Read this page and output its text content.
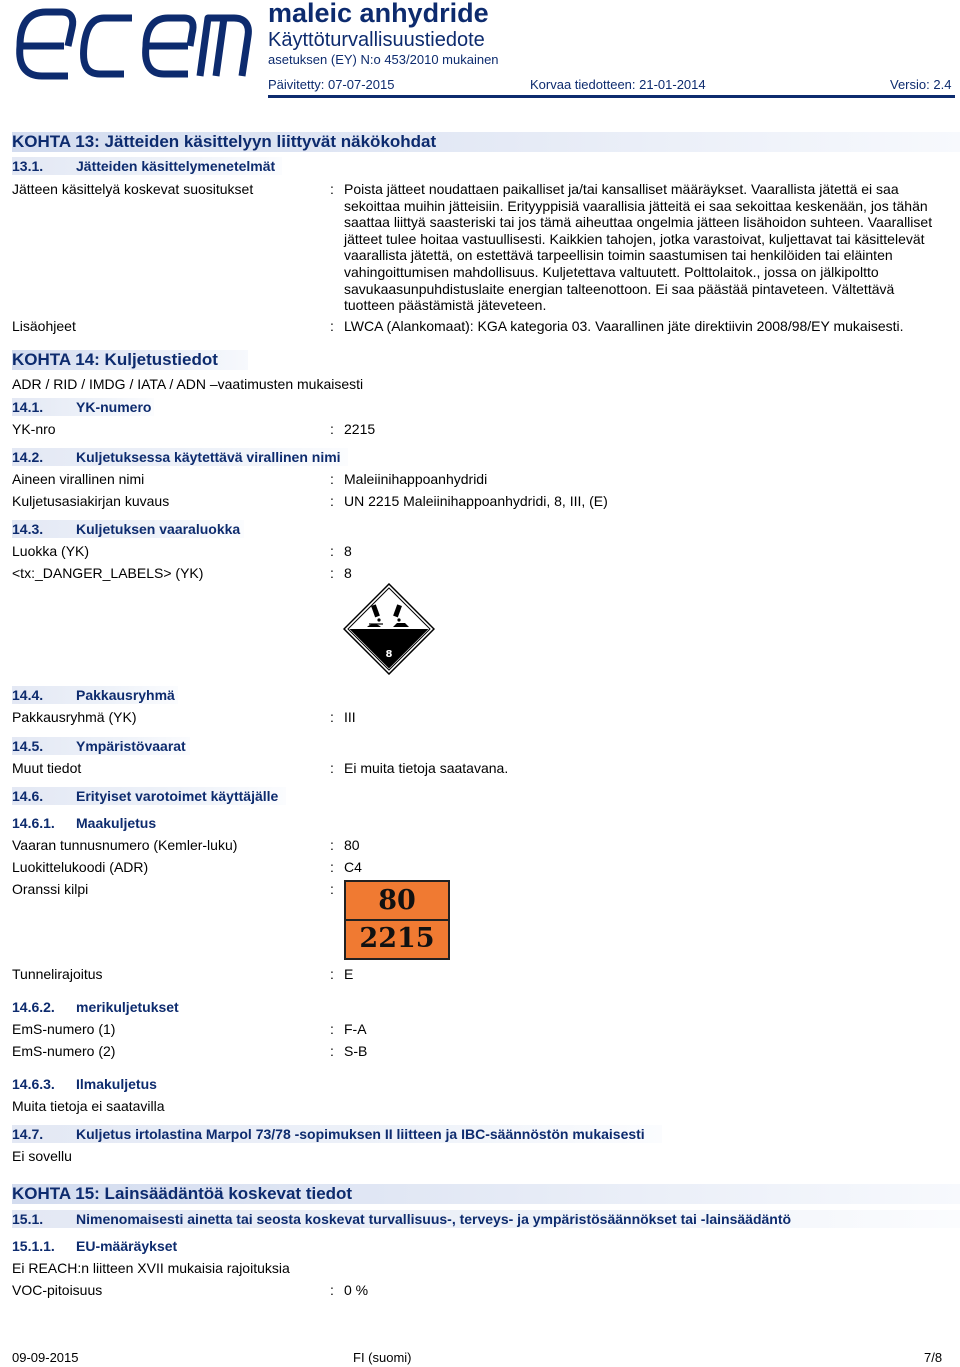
maleic anhydride
Käyttöturvallisuustiedote
asetuksen (EY) N:o 453/2010 mukainen
Päivitetty: 07-07-2015	Korvaa tiedotteen: 21-01-2014	Versio: 2.4
KOHTA 13: Jätteiden käsittelyyn liittyvät näkökohdat
13.1. Jätteiden käsittelymenetelmät
Jätteen käsittelyä koskevat suositukset	: Poista jätteet noudattaen paikalliset ja/tai kansalliset määräykset. Vaarallista jätettä ei saa sekoittaa muihin jätteisiin. Erityyppisiä vaarallisia jätteitä ei saa sekoittaa keskenään, jos tähän saattaa liittyä saasteriski tai jos tämä aiheuttaa ongelmia jätteen lisähoidon suhteen. Vaaralliset jätteet tulee hoitaa vastuullisesti. Kaikkien tahojen, jotka varastoivat, kuljettavat tai käsittelevät vaarallista jätettä, on estettävä tarpeellisin toimin saastumisen tai henkilöiden tai eläinten vahingoittumisen mahdollisuus. Kuljetettava valtuutett. Polttolaitok., jossa on jälkipoltto savukaasunpuhdistuslaite energian talteenottoon. Ei saa päästää pintaveteen. Vältettävä tuotteen päästämistä jäteveteen.
Lisäohjeet	: LWCA (Alankomaat): KGA kategoria 03. Vaarallinen jäte direktiivin 2008/98/EY mukaisesti.
KOHTA 14: Kuljetustiedot
ADR / RID / IMDG / IATA / ADN –vaatimusten mukaisesti
14.1. YK-numero
YK-nro	: 2215
14.2. Kuljetuksessa käytettävä virallinen nimi
Aineen virallinen nimi	: Maleiinihappoanhydridi
Kuljetusasiakirjan kuvaus	: UN 2215 Maleiinihappoanhydridi, 8, III, (E)
14.3. Kuljetuksen vaaraluokka
Luokka (YK)	: 8
<tx:_DANGER_LABELS> (YK)	: 8
8
14.4. Pakkausryhmä
Pakkausryhmä (YK)	: III
14.5. Ympäristövaarat
Muut tiedot	: Ei muita tietoja saatavana.
14.6. Erityiset varotoimet käyttäjälle
14.6.1. Maakuljetus
Vaaran tunnusnumero (Kemler-luku)	: 80
Luokittelukoodi (ADR)	: C4
Oranssi kilpi	:	80
2215
Tunnelirajoitus	: E
14.6.2. merikuljetukset
EmS-numero (1)	: F-A
EmS-numero (2)	: S-B
14.6.3. Ilmakuljetus
Muita tietoja ei saatavilla
14.7. Kuljetus irtolastina Marpol 73/78 -sopimuksen II liitteen ja IBC-säännöstön mukaisesti
Ei sovellu
KOHTA 15: Lainsäädäntöä koskevat tiedot
15.1. Nimenomaisesti ainetta tai seosta koskevat turvallisuus-, terveys- ja ympäristösäännökset tai -lainsäädäntö
15.1.1. EU-määräykset
Ei REACH:n liitteen XVII mukaisia rajoituksia
VOC-pitoisuus	: 0 %
09-09-2015	FI (suomi)	7/8
